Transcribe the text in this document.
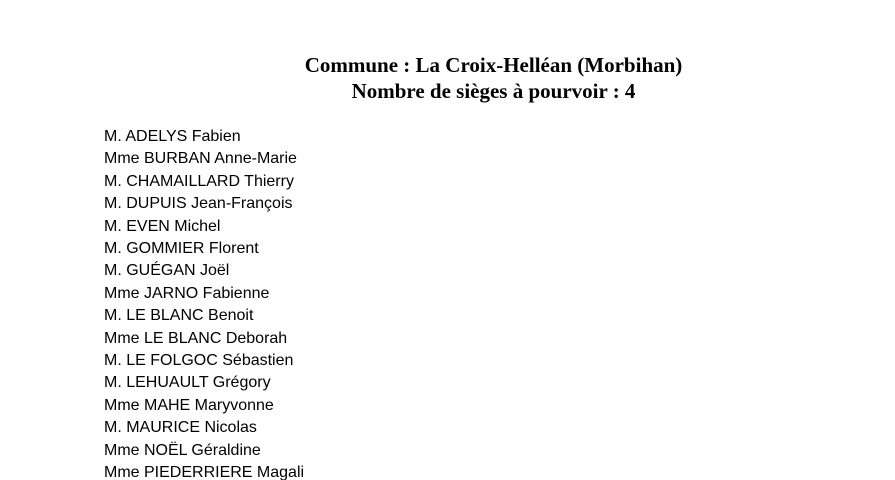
Commune : La Croix-Helléan (Morbihan)
Nombre de sièges à pourvoir : 4
M. ADELYS Fabien
Mme BURBAN Anne-Marie
M. CHAMAILLARD Thierry
M. DUPUIS Jean-François
M. EVEN Michel
M. GOMMIER Florent
M. GUÉGAN Joël
Mme JARNO Fabienne
M. LE BLANC Benoit
Mme LE BLANC Deborah
M. LE FOLGOC Sébastien
M. LEHUAULT Grégory
Mme MAHE Maryvonne
M. MAURICE Nicolas
Mme NOËL Géraldine
Mme PIEDERRIERE Magali
